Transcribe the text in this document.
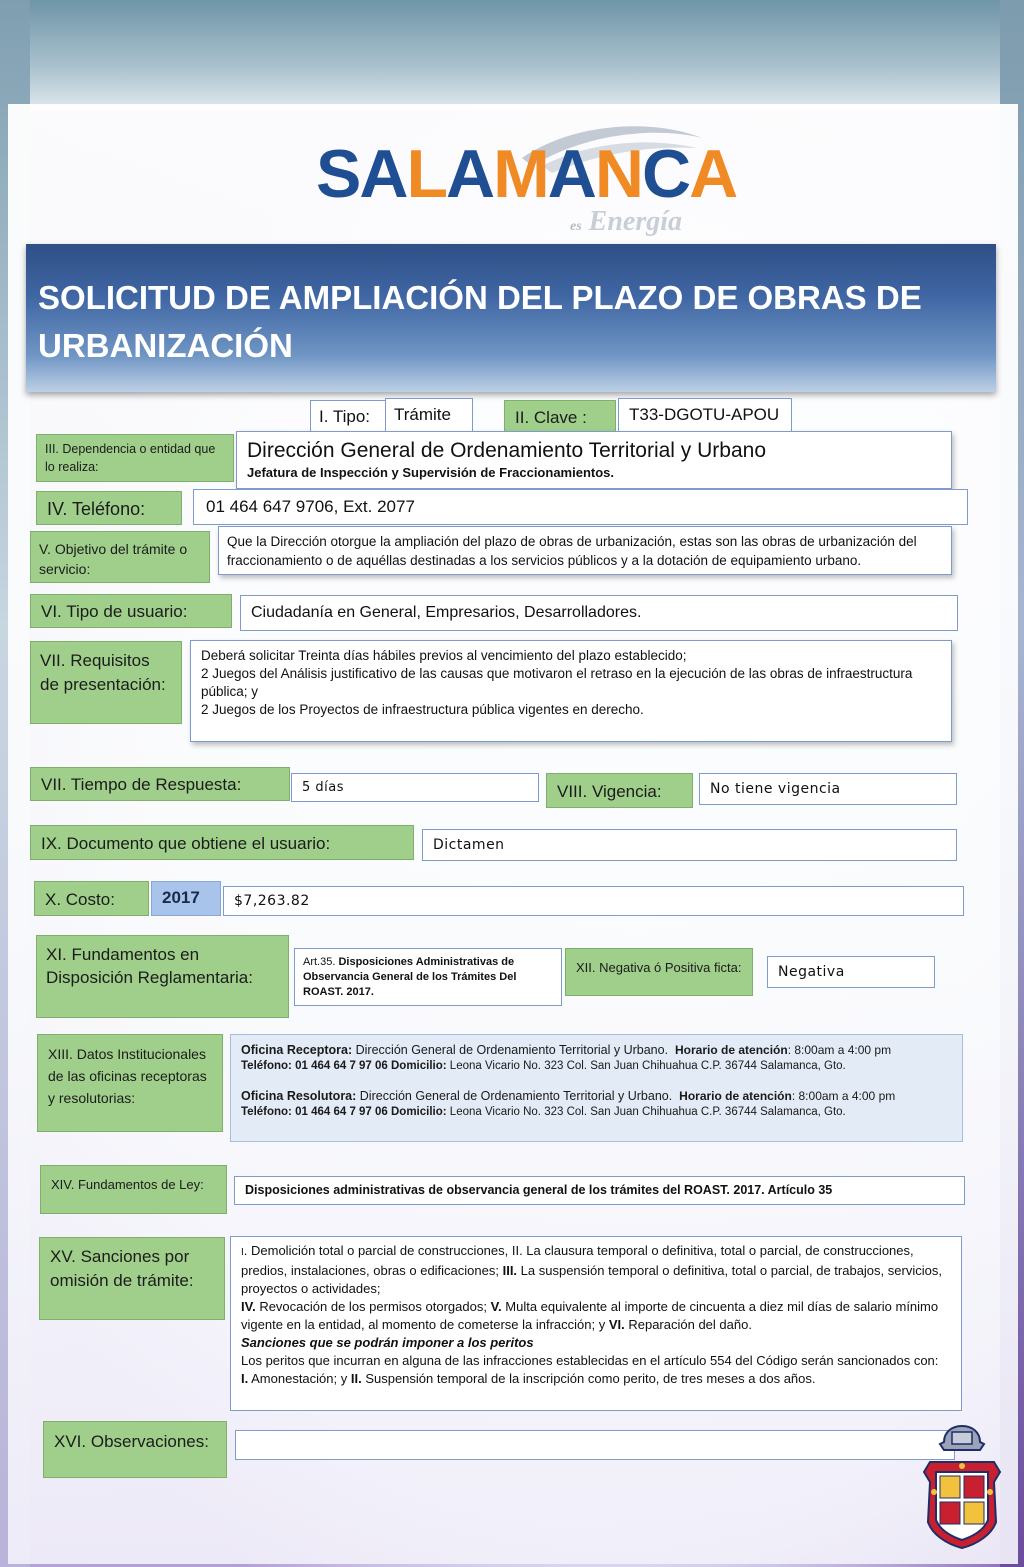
SALAMANCA
es Energía
SOLICITUD DE AMPLIACIÓN DEL PLAZO DE OBRAS DE URBANIZACIÓN
I. Tipo:	Trámite	II. Clave :	T33-DGOTU-APOU
III. Dependencia o entidad que lo realiza:
Dirección General de Ordenamiento Territorial y Urbano
Jefatura de Inspección y Supervisión de Fraccionamientos.
IV. Teléfono:	01 464 647 9706, Ext. 2077
V. Objetivo del trámite o servicio:
Que la Dirección otorgue la ampliación del plazo de obras de urbanización, estas son las obras de urbanización del fraccionamiento o de aquéllas destinadas a los servicios públicos y a la dotación de equipamiento urbano.
VI. Tipo de usuario:	Ciudadanía en General, Empresarios, Desarrolladores.
VII. Requisitos de presentación:
Deberá solicitar Treinta días hábiles previos al vencimiento del plazo establecido;
2 Juegos del Análisis justificativo de las causas que motivaron el retraso en la ejecución de las obras de infraestructura pública; y
2 Juegos de los Proyectos de infraestructura pública vigentes en derecho.
VII. Tiempo de Respuesta:	5 días	VIII. Vigencia:	No tiene vigencia
IX. Documento que obtiene el usuario:	Dictamen
X. Costo:	2017	$7,263.82
XI. Fundamentos en Disposición Reglamentaria:
Art.35. Disposiciones Administrativas de Observancia General de los Trámites Del ROAST. 2017.
XII. Negativa ó Positiva ficta:	Negativa
XIII. Datos Institucionales de las oficinas receptoras y resolutorias:
Oficina Receptora: Dirección General de Ordenamiento Territorial y Urbano. Horario de atención: 8:00am a 4:00 pm
Teléfono: 01 464 64 7 97 06 Domicilio: Leona Vicario No. 323 Col. San Juan Chihuahua C.P. 36744 Salamanca, Gto.
Oficina Resolutora: Dirección General de Ordenamiento Territorial y Urbano. Horario de atención: 8:00am a 4:00 pm
Teléfono: 01 464 64 7 97 06 Domicilio: Leona Vicario No. 323 Col. San Juan Chihuahua C.P. 36744 Salamanca, Gto.
XIV. Fundamentos de Ley:	Disposiciones administrativas de observancia general de los trámites del ROAST. 2017. Artículo 35
XV. Sanciones por omisión de trámite:
I. Demolición total o parcial de construcciones, II. La clausura temporal o definitiva, total o parcial, de construcciones, predios, instalaciones, obras o edificaciones; III. La suspensión temporal o definitiva, total o parcial, de trabajos, servicios, proyectos o actividades;
IV. Revocación de los permisos otorgados; V. Multa equivalente al importe de cincuenta a diez mil días de salario mínimo vigente en la entidad, al momento de cometerse la infracción; y VI. Reparación del daño.
Sanciones que se podrán imponer a los peritos
Los peritos que incurran en alguna de las infracciones establecidas en el artículo 554 del Código serán sancionados con:
I. Amonestación; y II. Suspensión temporal de la inscripción como perito, de tres meses a dos años.
XVI. Observaciones:
